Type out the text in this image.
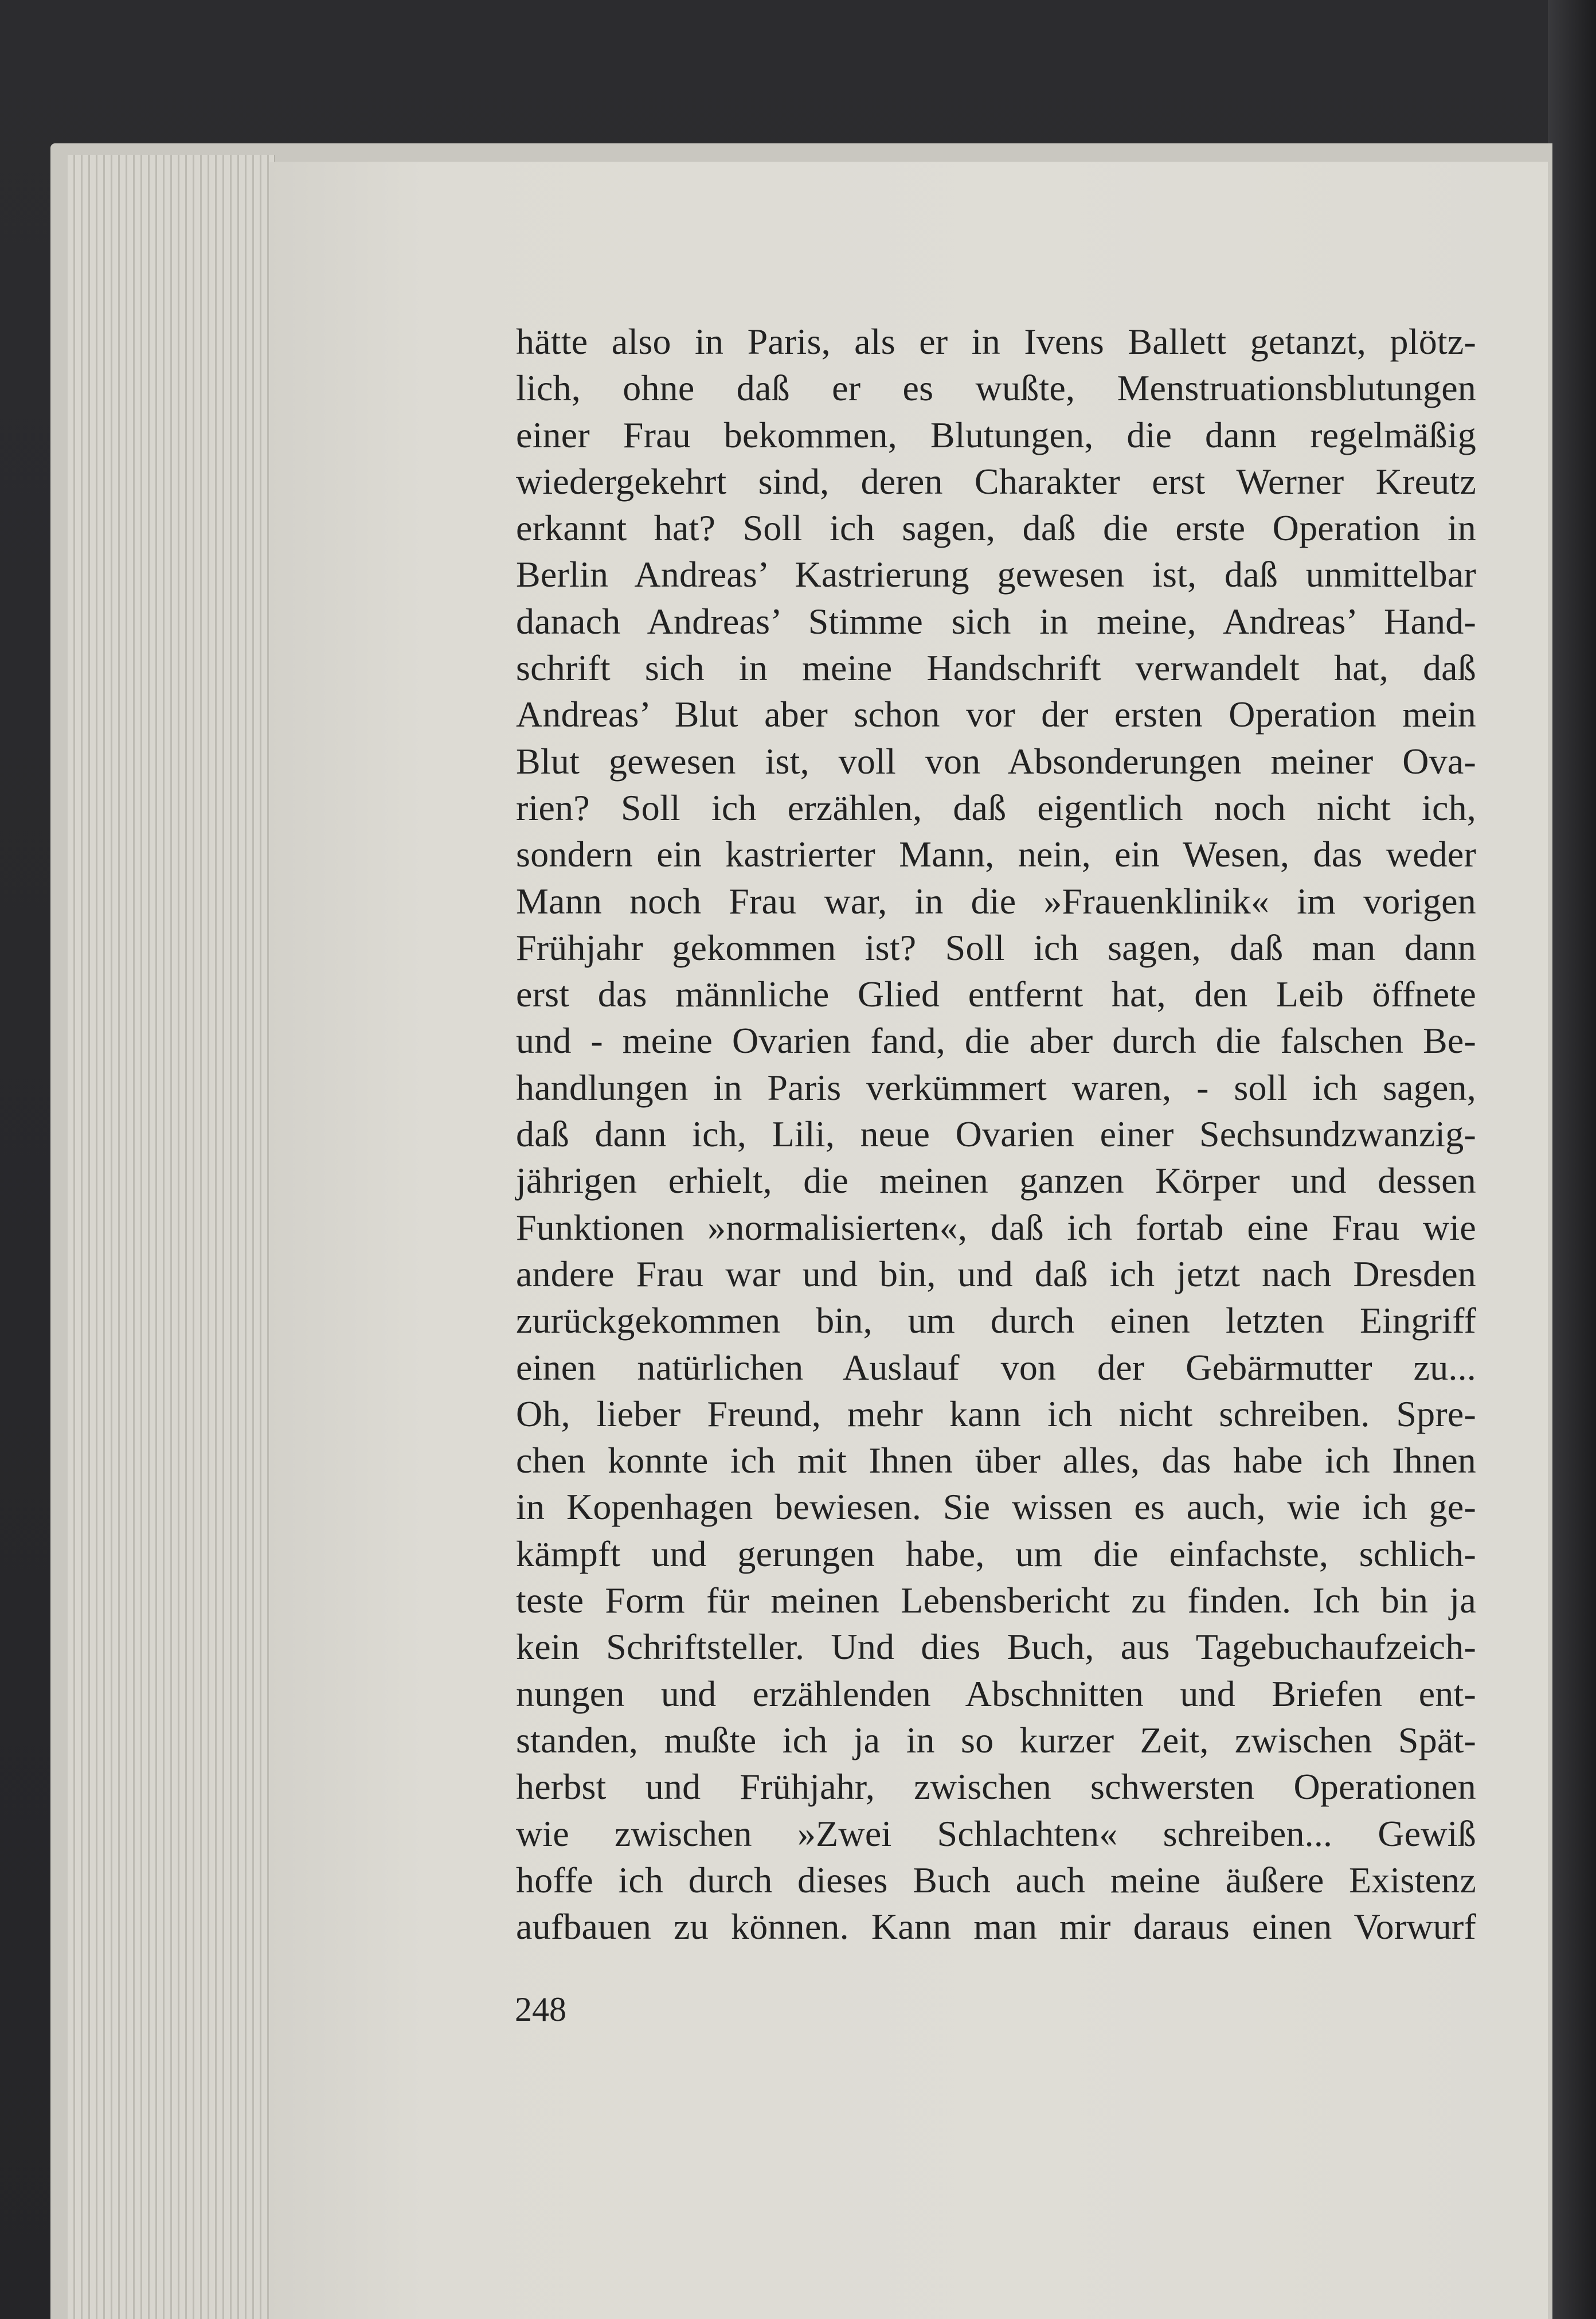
hätte also in Paris, als er in Ivens Ballett getanzt, plötz-
lich, ohne daß er es wußte, Menstruationsblutungen
einer Frau bekommen, Blutungen, die dann regelmäßig
wiedergekehrt sind, deren Charakter erst Werner Kreutz
erkannt hat? Soll ich sagen, daß die erste Operation in
Berlin Andreas’ Kastrierung gewesen ist, daß unmittelbar
danach Andreas’ Stimme sich in meine, Andreas’ Hand-
schrift sich in meine Handschrift verwandelt hat, daß
Andreas’ Blut aber schon vor der ersten Operation mein
Blut gewesen ist, voll von Absonderungen meiner Ova-
rien? Soll ich erzählen, daß eigentlich noch nicht ich,
sondern ein kastrierter Mann, nein, ein Wesen, das weder
Mann noch Frau war, in die »Frauenklinik« im vorigen
Frühjahr gekommen ist? Soll ich sagen, daß man dann
erst das männliche Glied entfernt hat, den Leib öffnete
und - meine Ovarien fand, die aber durch die falschen Be-
handlungen in Paris verkümmert waren, - soll ich sagen,
daß dann ich, Lili, neue Ovarien einer Sechsundzwanzig-
jährigen erhielt, die meinen ganzen Körper und dessen
Funktionen »normalisierten«, daß ich fortab eine Frau wie
andere Frau war und bin, und daß ich jetzt nach Dresden
zurückgekommen bin, um durch einen letzten Eingriff
einen natürlichen Auslauf von der Gebärmutter zu...
Oh, lieber Freund, mehr kann ich nicht schreiben. Spre-
chen konnte ich mit Ihnen über alles, das habe ich Ihnen
in Kopenhagen bewiesen. Sie wissen es auch, wie ich ge-
kämpft und gerungen habe, um die einfachste, schlich-
teste Form für meinen Lebensbericht zu finden. Ich bin ja
kein Schriftsteller. Und dies Buch, aus Tagebuchaufzeich-
nungen und erzählenden Abschnitten und Briefen ent-
standen, mußte ich ja in so kurzer Zeit, zwischen Spät-
herbst und Frühjahr, zwischen schwersten Operationen
wie zwischen »Zwei Schlachten« schreiben... Gewiß
hoffe ich durch dieses Buch auch meine äußere Existenz
aufbauen zu können. Kann man mir daraus einen Vorwurf
248
